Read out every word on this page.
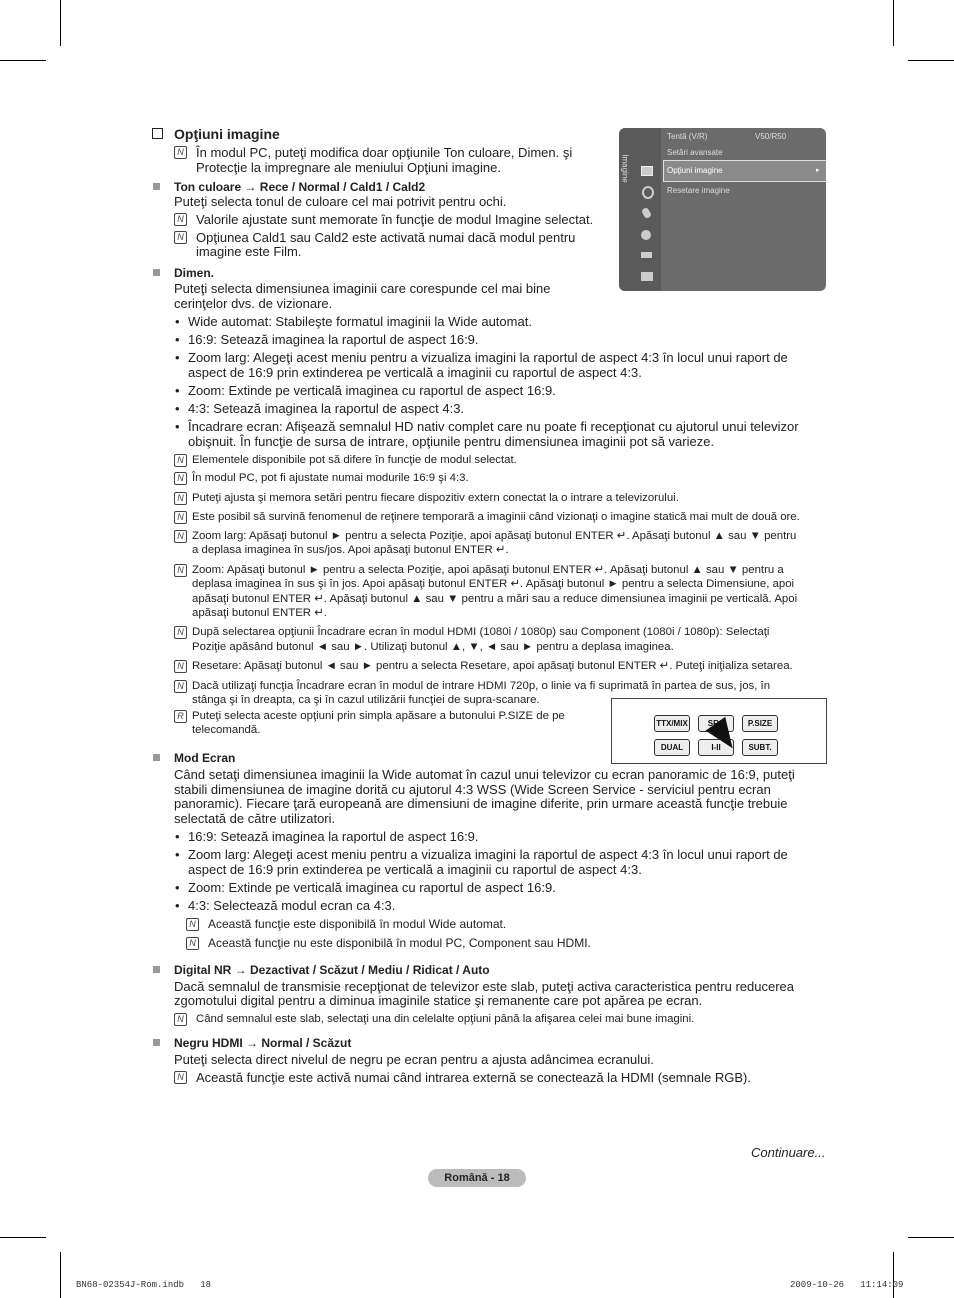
Imagine
Tentă (V/R)	V50/R50
Setări avansate
Opţiuni imagine	▸
Resetare imagine
Opţiuni imagine
N În modul PC, puteţi modifica doar opţiunile Ton culoare, Dimen. şi
Protecţie la impregnare ale meniului Opţiuni imagine.
Ton culoare → Rece / Normal / Cald1 / Cald2
Puteţi selecta tonul de culoare cel mai potrivit pentru ochi.
N Valorile ajustate sunt memorate în funcţie de modul Imagine selectat.
N Opţiunea Cald1 sau Cald2 este activată numai dacă modul pentru
imagine este Film.
Dimen.
Puteţi selecta dimensiunea imaginii care corespunde cel mai bine
cerinţelor dvs. de vizionare.
• Wide automat: Stabileşte formatul imaginii la Wide automat.
• 16:9: Setează imaginea la raportul de aspect 16:9.
• Zoom larg: Alegeţi acest meniu pentru a vizualiza imagini la raportul de aspect 4:3 în locul unui raport de
aspect de 16:9 prin extinderea pe verticală a imaginii cu raportul de aspect 4:3.
• Zoom: Extinde pe verticală imaginea cu raportul de aspect 16:9.
• 4:3: Setează imaginea la raportul de aspect 4:3.
• Încadrare ecran: Afişează semnalul HD nativ complet care nu poate fi recepţionat cu ajutorul unui televizor
obişnuit. În funcţie de sursa de intrare, opţiunile pentru dimensiunea imaginii pot să varieze.
N Elementele disponibile pot să difere în funcţie de modul selectat.
N În modul PC, pot fi ajustate numai modurile 16:9 şi 4:3.
N Puteţi ajusta şi memora setări pentru fiecare dispozitiv extern conectat la o intrare a televizorului.
N Este posibil să survină fenomenul de reţinere temporară a imaginii când vizionaţi o imagine statică mai mult de două ore.
N Zoom larg: Apăsaţi butonul ► pentru a selecta Poziţie, apoi apăsaţi butonul ENTER ↵. Apăsaţi butonul ▲ sau ▼ pentru
a deplasa imaginea în sus/jos. Apoi apăsaţi butonul ENTER ↵.
N Zoom: Apăsaţi butonul ► pentru a selecta Poziţie, apoi apăsaţi butonul ENTER ↵. Apăsaţi butonul ▲ sau ▼ pentru a
deplasa imaginea în sus şi în jos. Apoi apăsaţi butonul ENTER ↵. Apăsaţi butonul ► pentru a selecta Dimensiune, apoi
apăsaţi butonul ENTER ↵. Apăsaţi butonul ▲ sau ▼ pentru a mări sau a reduce dimensiunea imaginii pe verticală. Apoi
apăsaţi butonul ENTER ↵.
N După selectarea opţiunii Încadrare ecran în modul HDMI (1080i / 1080p) sau Component (1080i / 1080p): Selectaţi
Poziţie apăsând butonul ◄ sau ►. Utilizaţi butonul ▲, ▼, ◄ sau ► pentru a deplasa imaginea.
N Resetare: Apăsaţi butonul ◄ sau ► pentru a selecta Resetare, apoi apăsaţi butonul ENTER ↵. Puteţi iniţializa setarea.
N Dacă utilizaţi funcţia Încadrare ecran în modul de intrare HDMI 720p, o linie va fi suprimată în partea de sus, jos, în
stânga şi în dreapta, ca şi în cazul utilizării funcţiei de supra-scanare.
R Puteţi selecta aceste opţiuni prin simpla apăsare a butonului P.SIZE de pe
telecomandă.
TTX/MIX	SRS	P.SIZE
DUAL	I-II	SUBT.
Mod Ecran
Când setaţi dimensiunea imaginii la Wide automat în cazul unui televizor cu ecran panoramic de 16:9, puteţi
stabili dimensiunea de imagine dorită cu ajutorul 4:3 WSS (Wide Screen Service - serviciul pentru ecran
panoramic). Fiecare ţară europeană are dimensiuni de imagine diferite, prin urmare această funcţie trebuie
selectată de către utilizatori.
• 16:9: Setează imaginea la raportul de aspect 16:9.
• Zoom larg: Alegeţi acest meniu pentru a vizualiza imagini la raportul de aspect 4:3 în locul unui raport de
aspect de 16:9 prin extinderea pe verticală a imaginii cu raportul de aspect 4:3.
• Zoom: Extinde pe verticală imaginea cu raportul de aspect 16:9.
• 4:3: Selectează modul ecran ca 4:3.
N Această funcţie este disponibilă în modul Wide automat.
N Această funcţie nu este disponibilă în modul PC, Component sau HDMI.
Digital NR → Dezactivat / Scăzut / Mediu / Ridicat / Auto
Dacă semnalul de transmisie recepţionat de televizor este slab, puteţi activa caracteristica pentru reducerea
zgomotului digital pentru a diminua imaginile statice şi remanente care pot apărea pe ecran.
N Când semnalul este slab, selectaţi una din celelalte opţiuni până la afişarea celei mai bune imagini.
Negru HDMI → Normal / Scăzut
Puteţi selecta direct nivelul de negru pe ecran pentru a ajusta adâncimea ecranului.
N Această funcţie este activă numai când intrarea externă se conectează la HDMI (semnale RGB).
Continuare...
Română - 18
BN68-02354J-Rom.indb   18	2009-10-26   11:14:09
